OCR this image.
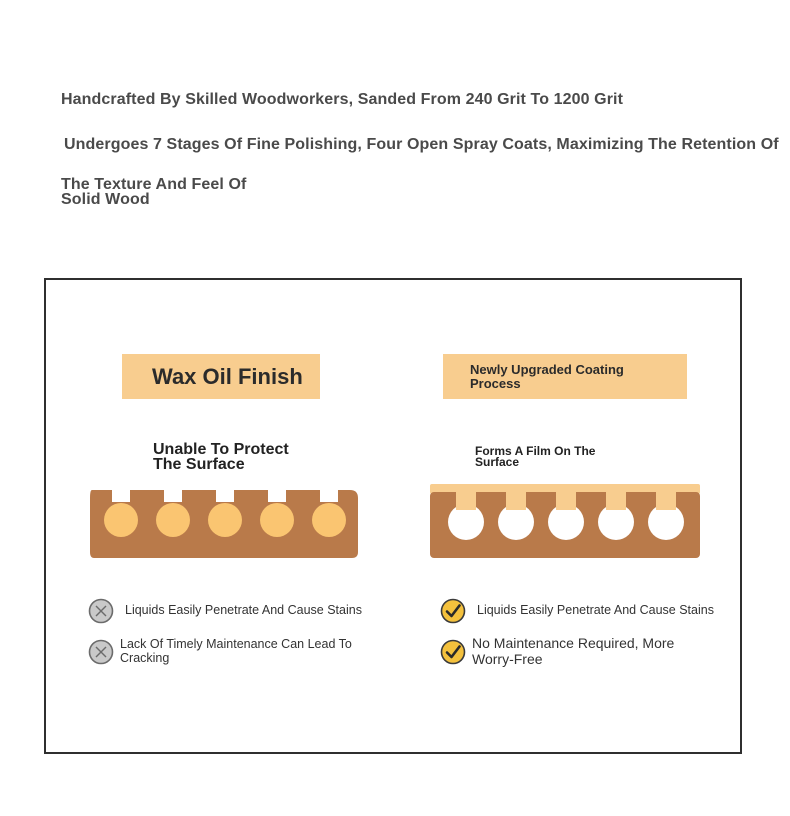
Handcrafted By Skilled Woodworkers, Sanded From 240 Grit To 1200 Grit
Undergoes 7 Stages Of Fine Polishing, Four Open Spray Coats, Maximizing The Retention Of
The Texture And Feel Of
Solid Wood
Wax Oil Finish
Unable To Protect
The Surface
Liquids Easily Penetrate And Cause Stains
Lack Of Timely Maintenance Can Lead To
Cracking
Newly Upgraded Coating
Process
Forms A Film On The
Surface
Liquids Easily Penetrate And Cause Stains
No Maintenance Required, More
Worry-Free
